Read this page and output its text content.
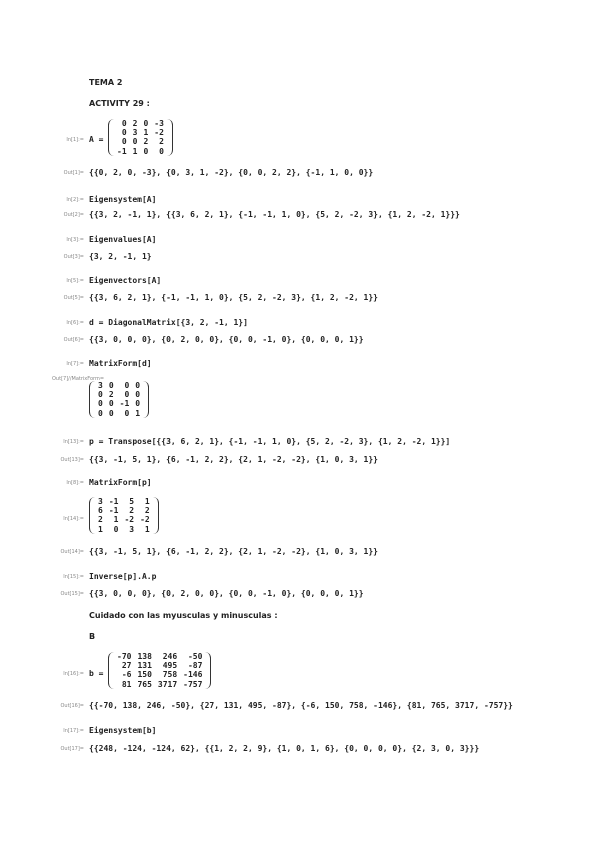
TEMA 2
ACTIVITY 29 :
In[1]:= A =
0	2	0	-3
0	3	1	-2
0	0	2	2
-1	1	0	0
Out[1]= {{0, 2, 0, -3}, {0, 3, 1, -2}, {0, 0, 2, 2}, {-1, 1, 0, 0}}
In[2]:= Eigensystem[A]
Out[2]= {{3, 2, -1, 1}, {{3, 6, 2, 1}, {-1, -1, 1, 0}, {5, 2, -2, 3}, {1, 2, -2, 1}}}
In[3]:= Eigenvalues[A]
Out[3]= {3, 2, -1, 1}
In[5]:= Eigenvectors[A]
Out[5]= {{3, 6, 2, 1}, {-1, -1, 1, 0}, {5, 2, -2, 3}, {1, 2, -2, 1}}
In[6]:= d = DiagonalMatrix[{3, 2, -1, 1}]
Out[6]= {{3, 0, 0, 0}, {0, 2, 0, 0}, {0, 0, -1, 0}, {0, 0, 0, 1}}
In[7]:= MatrixForm[d]
Out[7]//MatrixForm=
3	0	0	0
0	2	0	0
0	0	-1	0
0	0	0	1
In[13]:= p = Transpose[{{3, 6, 2, 1}, {-1, -1, 1, 0}, {5, 2, -2, 3}, {1, 2, -2, 1}}]
Out[13]= {{3, -1, 5, 1}, {6, -1, 2, 2}, {2, 1, -2, -2}, {1, 0, 3, 1}}
In[8]:= MatrixForm[p]
In[14]:=
3	-1	5	1
6	-1	2	2
2	1	-2	-2
1	0	3	1
Out[14]= {{3, -1, 5, 1}, {6, -1, 2, 2}, {2, 1, -2, -2}, {1, 0, 3, 1}}
In[15]:= Inverse[p].A.p
Out[15]= {{3, 0, 0, 0}, {0, 2, 0, 0}, {0, 0, -1, 0}, {0, 0, 0, 1}}
Cuidado con las myusculas y minusculas :
B
In[16]:= b =
-70	138	246	-50
27	131	495	-87
-6	150	758	-146
81	765	3717	-757
Out[16]= {{-70, 138, 246, -50}, {27, 131, 495, -87}, {-6, 150, 758, -146}, {81, 765, 3717, -757}}
In[17]:= Eigensystem[b]
Out[17]= {{248, -124, -124, 62}, {{1, 2, 2, 9}, {1, 0, 1, 6}, {0, 0, 0, 0}, {2, 3, 0, 3}}}
